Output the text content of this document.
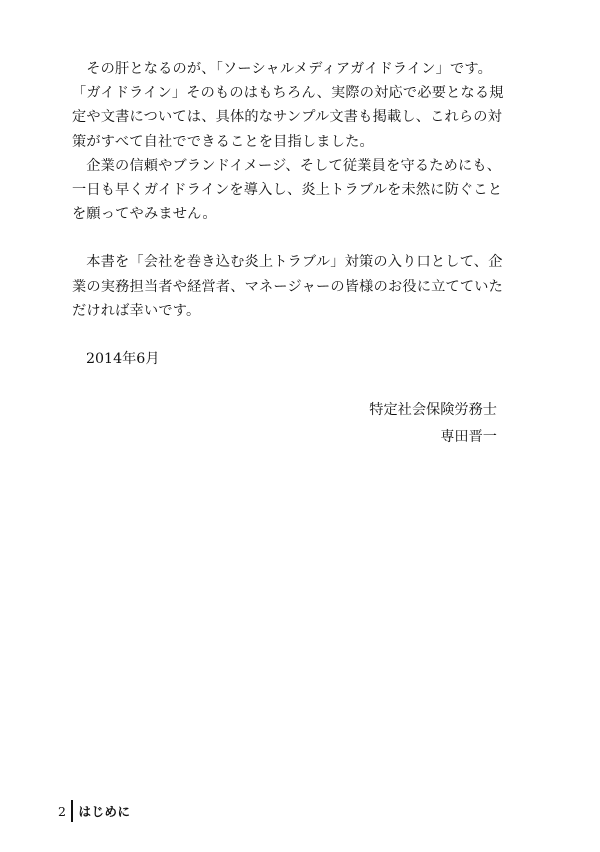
その肝となるのが、「ソーシャルメディアガイドライン」です。

「ガイドライン」そのものはもちろん、実際の対応で必要となる規定や文書については、具体的なサンプル文書も掲載し、これらの対策がすべて自社でできることを目指しました。

企業の信頼やブランドイメージ、そして従業員を守るためにも、一日も早くガイドラインを導入し、炎上トラブルを未然に防ぐことを願ってやみません。

本書を「会社を巻き込む炎上トラブル」対策の入り口として、企業の実務担当者や経営者、マネージャーの皆様のお役に立てていただければ幸いです。

2014年6月
特定社会保険労務士
専田晋一
2 はじめに
